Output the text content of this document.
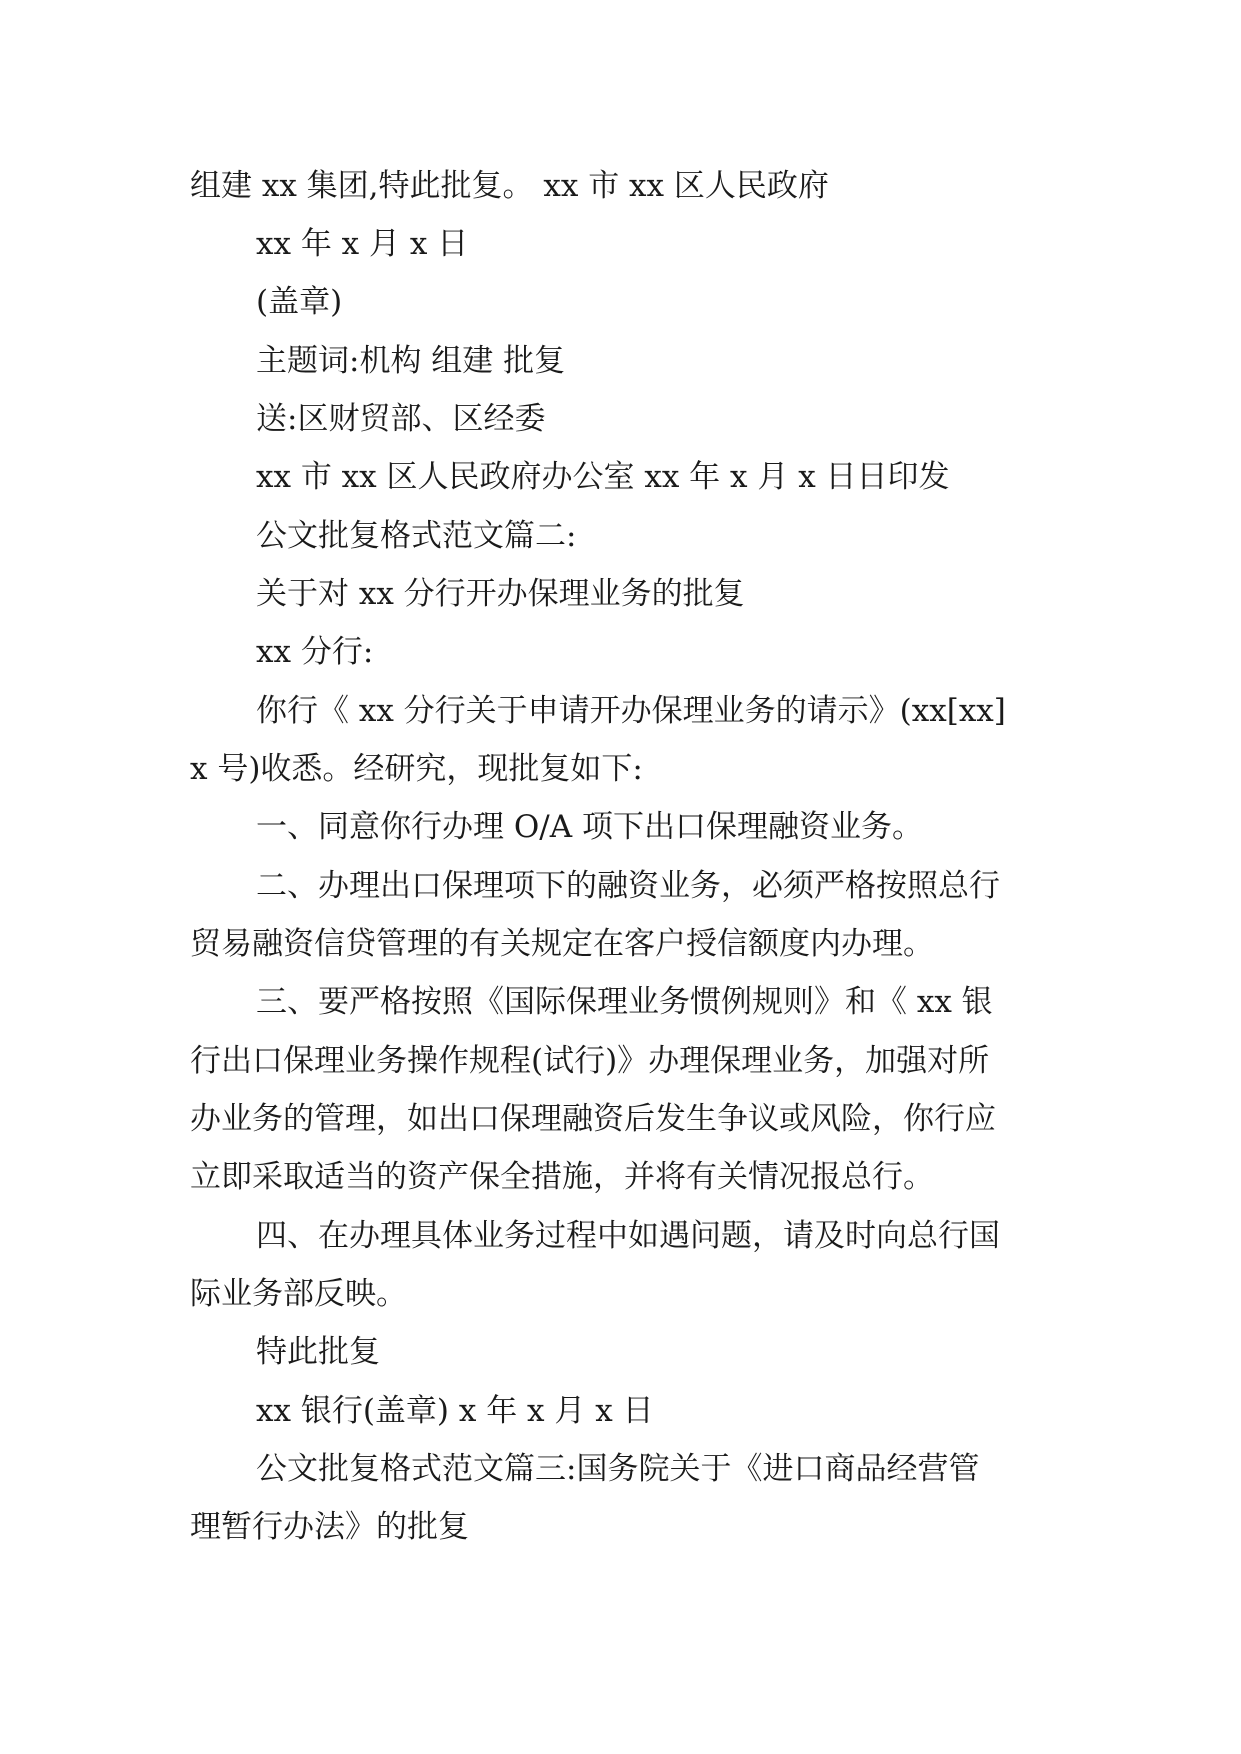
组建 xx 集团,特此批复。 xx 市 xx 区人民政府

xx 年 x 月 x 日

(盖章)

主题词:机构 组建 批复

送:区财贸部、区经委

xx 市 xx 区人民政府办公室 xx 年 x 月 x 日日印发

公文批复格式范文篇二:

关于对 xx 分行开办保理业务的批复

xx 分行:

你行《 xx 分行关于申请开办保理业务的请示》(xx[xx]

x 号)收悉。经研究，现批复如下:

一、同意你行办理 O/A 项下出口保理融资业务。

二、办理出口保理项下的融资业务，必须严格按照总行

贸易融资信贷管理的有关规定在客户授信额度内办理。

三、要严格按照《国际保理业务惯例规则》和《 xx 银

行出口保理业务操作规程(试行)》办理保理业务，加强对所

办业务的管理，如出口保理融资后发生争议或风险，你行应

立即采取适当的资产保全措施，并将有关情况报总行。

四、在办理具体业务过程中如遇问题，请及时向总行国

际业务部反映。

特此批复

xx 银行(盖章) x 年 x 月 x 日

公文批复格式范文篇三:国务院关于《进口商品经营管

理暂行办法》的批复
